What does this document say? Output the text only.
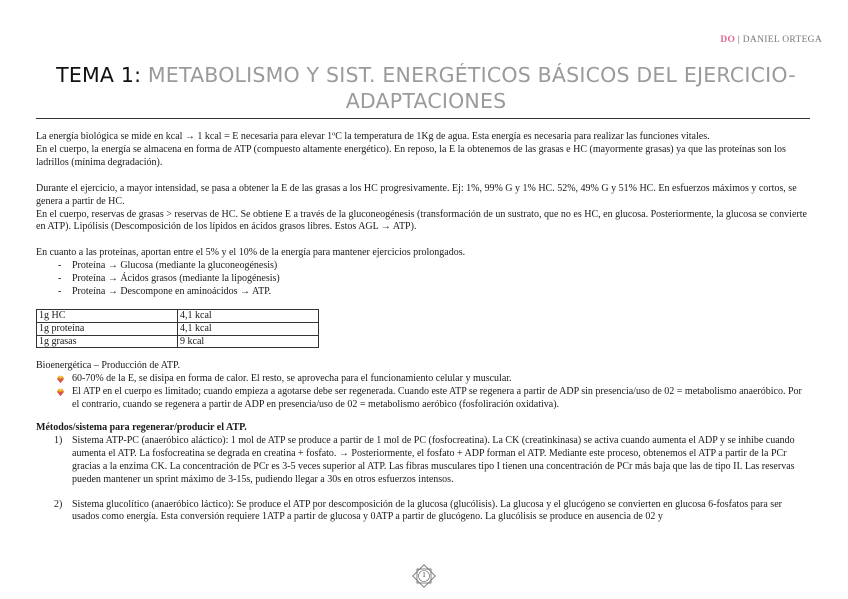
DO | DANIEL ORTEGA
TEMA 1: METABOLISMO Y SIST. ENERGÉTICOS BÁSICOS DEL EJERCICIO-ADAPTACIONES

La energía biológica se mide en kcal → 1 kcal = E necesaria para elevar 1ºC la temperatura de 1Kg de agua. Esta energía es necesaria para realizar las funciones vitales.

En el cuerpo, la energía se almacena en forma de ATP (compuesto altamente energético). En reposo, la E la obtenemos de las grasas e HC (mayormente grasas) ya que las proteínas son los ladrillos (mínima degradación).

Durante el ejercicio, a mayor intensidad, se pasa a obtener la E de las grasas a los HC progresivamente. Ej: 1%, 99% G y 1% HC. 52%, 49% G y 51% HC. En esfuerzos máximos y cortos, se genera a partir de HC.

En el cuerpo, reservas de grasas > reservas de HC. Se obtiene E a través de la gluconeogénesis (transformación de un sustrato, que no es HC, en glucosa. Posteriormente, la glucosa se convierte en ATP). Lipólisis (Descomposición de los lípidos en ácidos grasos libres. Estos AGL → ATP).

En cuanto a las proteínas, aportan entre el 5% y el 10% de la energía para mantener ejercicios prolongados.

- Proteína → Glucosa (mediante la gluconeogénesis)
- Proteína → Ácidos grasos (mediante la lipogénesis)
- Proteína → Descompone en aminoácidos → ATP.
1g HC	4,1 kcal
1g proteína	4,1 kcal
1g grasas	9 kcal

Bioenergética – Producción de ATP.

60-70% de la E, se disipa en forma de calor. El resto, se aprovecha para el funcionamiento celular y muscular.
El ATP en el cuerpo es limitado; cuando empieza a agotarse debe ser regenerada. Cuando este ATP se regenera a partir de ADP sin presencia/uso de 02 = metabolismo anaeróbico. Por el contrario, cuando se regenera a partir de ADP en presencia/uso de 02 = metabolismo aeróbico (fosfoliración oxidativa).

Métodos/sistema para regenerar/producir el ATP.

1) Sistema ATP-PC (anaeróbico aláctico): 1 mol de ATP se produce a partir de 1 mol de PC (fosfocreatina). La CK (creatinkinasa) se activa cuando aumenta el ADP y se inhibe cuando aumenta el ATP. La fosfocreatina se degrada en creatina + fosfato. → Posteriormente, el fosfato + ADP forman el ATP. Mediante este proceso, obtenemos el ATP a partir de la PCr gracias a la enzima CK. La concentración de PCr es 3-5 veces superior al ATP. Las fibras musculares tipo I tienen una concentración de PCr más baja que las de tipo II. Las reservas pueden mantener un sprint máximo de 3-15s, pudiendo llegar a 30s en otros esfuerzos intensos.
2) Sistema glucolítico (anaeróbico láctico): Se produce el ATP por descomposición de la glucosa (glucólisis). La glucosa y el glucógeno se convierten en glucosa 6-fosfatos para ser usados como energía. Esta conversión requiere 1ATP a partir de glucosa y 0ATP a partir de glucógeno. La glucólisis se produce en ausencia de 02 y
1
